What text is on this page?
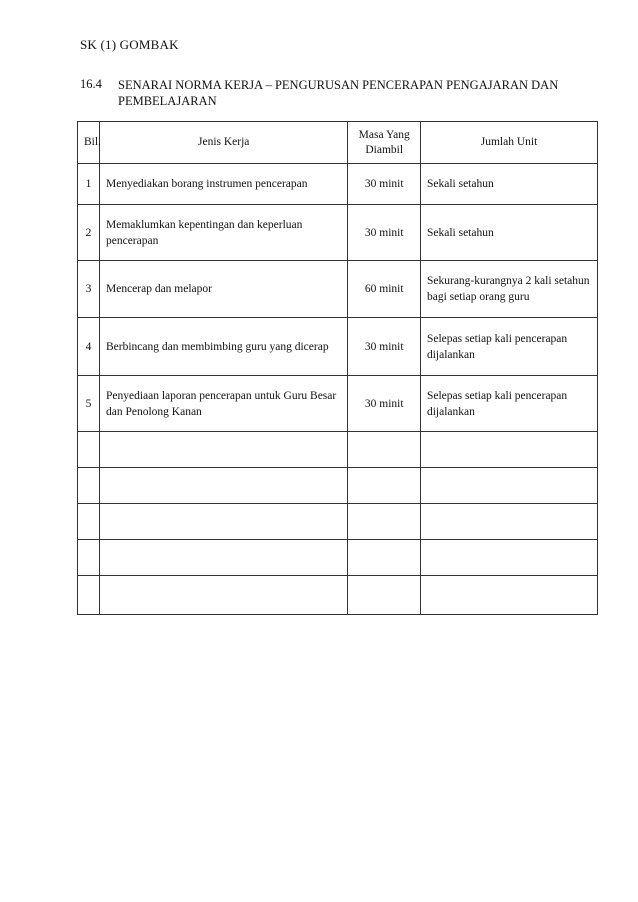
SK (1) GOMBAK
16.4 SENARAI NORMA KERJA – PENGURUSAN PENCERAPAN PENGAJARAN DAN PEMBELAJARAN
Bil.	Jenis Kerja	Masa Yang Diambil	Jumlah Unit
1	Menyediakan borang instrumen pencerapan	30 minit	Sekali setahun
2	Memaklumkan kepentingan dan keperluan pencerapan	30 minit	Sekali setahun
3	Mencerap dan melapor	60 minit	Sekurang-kurangnya 2 kali setahun bagi setiap orang guru
4	Berbincang dan membimbing guru yang dicerap	30 minit	Selepas setiap kali pencerapan dijalankan
5	Penyediaan laporan pencerapan untuk Guru Besar dan Penolong Kanan	30 minit	Selepas setiap kali pencerapan dijalankan
